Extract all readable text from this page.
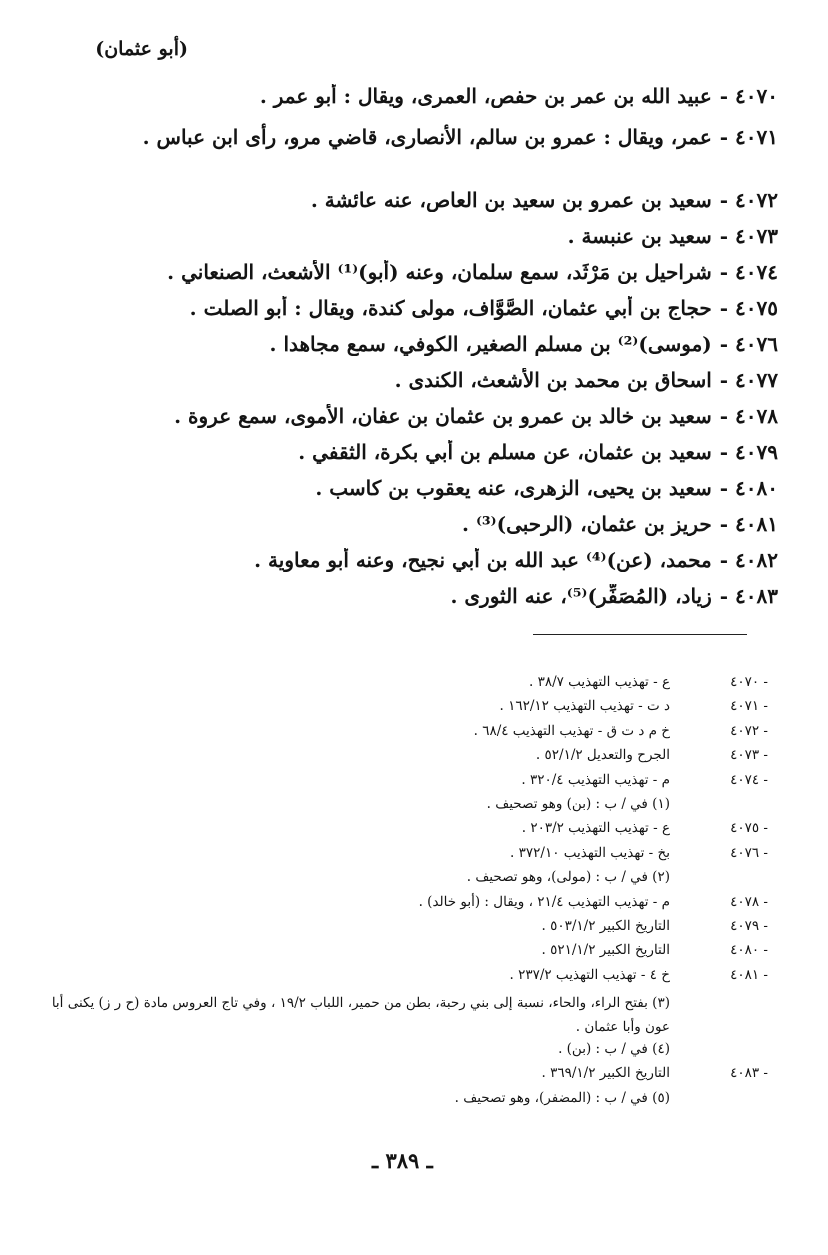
(أبو عثمان)
٤٠٧٠ -
عبيد الله بن عمر بن حفص، العمرى، ويقال : أبو عمر .
٤٠٧١ -
عمر، ويقال : عمرو بن سالم، الأنصارى، قاضي مرو، رأى ابن عباس .
٤٠٧٢ -
سعيد بن عمرو بن سعيد بن العاص، عنه عائشة .
٤٠٧٣ -
سعيد بن عنبسة .
٤٠٧٤ -
شراحيل بن مَرْثَد، سمع سلمان، وعنه (أبو)⁽¹⁾ الأشعث، الصنعاني .
٤٠٧٥ -
حجاج بن أبي عثمان، الصَّوَّاف، مولى كندة، ويقال : أبو الصلت .
٤٠٧٦ -
(موسى)⁽²⁾ بن مسلم الصغير، الكوفي، سمع مجاهدا .
٤٠٧٧ -
اسحاق بن محمد بن الأشعث، الكندى .
٤٠٧٨ -
سعيد بن خالد بن عمرو بن عثمان بن عفان، الأموى، سمع عروة .
٤٠٧٩ -
سعيد بن عثمان، عن مسلم بن أبي بكرة، الثقفي .
٤٠٨٠ -
سعيد بن يحيى، الزهرى، عنه يعقوب بن كاسب .
٤٠٨١ -
حريز بن عثمان، (الرحبى)⁽³⁾ .
٤٠٨٢ -
محمد، (عن)⁽⁴⁾ عبد الله بن أبي نجيح، وعنه أبو معاوية .
٤٠٨٣ -
زياد، (المُصَفِّر)⁽⁵⁾، عنه الثورى .
- ٤٠٧٠
ع - تهذيب التهذيب ٣٨/٧ .
- ٤٠٧١
د ت - تهذيب التهذيب ١٦٢/١٢ .
- ٤٠٧٢
خ م د ت ق - تهذيب التهذيب ٦٨/٤ .
- ٤٠٧٣
الجرح والتعديل ٥٢/١/٢ .
- ٤٠٧٤
م - تهذيب التهذيب ٣٢٠/٤ .
(١) في / ب : (بن) وهو تصحيف .
- ٤٠٧٥
ع - تهذيب التهذيب ٢٠٣/٢ .
- ٤٠٧٦
بخ - تهذيب التهذيب ٣٧٢/١٠ .
(٢) في / ب : (مولى)، وهو تصحيف .
- ٤٠٧٨
م - تهذيب التهذيب ٢١/٤ ، ويقال : (أبو خالد) .
- ٤٠٧٩
التاريخ الكبير ٥٠٣/١/٢ .
- ٤٠٨٠
التاريخ الكبير ٥٢١/١/٢ .
- ٤٠٨١
خ ٤ - تهذيب التهذيب ٢٣٧/٢ .
(٣) بفتح الراء، والحاء، نسبة إلى بني رحبة، بطن من حمير، اللباب ١٩/٢ ، وفي تاج العروس مادة (ح ر ز) يكنى أبا عون وأبا عثمان .
(٤) في / ب : (بن) .
- ٤٠٨٣
التاريخ الكبير ٣٦٩/١/٢ .
(٥) في / ب : (المضفر)، وهو تصحيف .
ـ ٣٨٩ ـ
